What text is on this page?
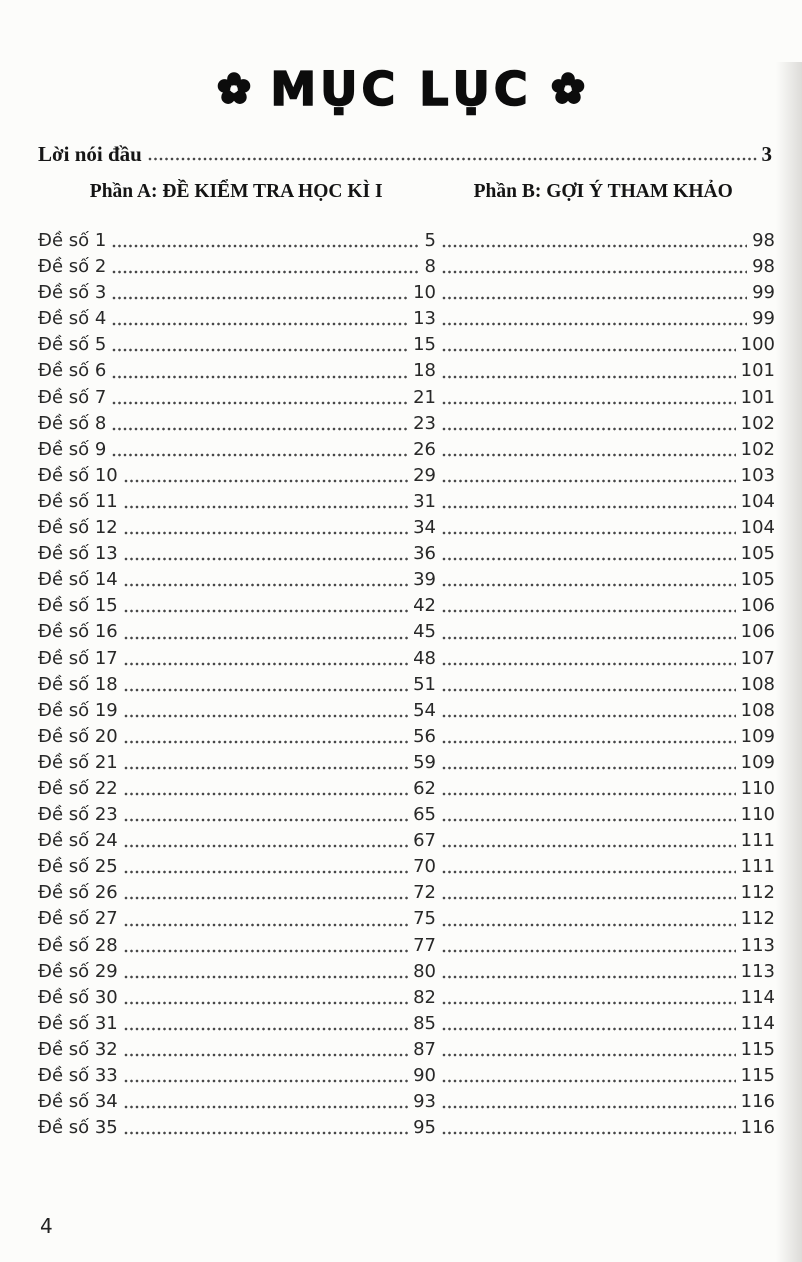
MỤC LỤC
Lời nói đầu	3
Phần A: ĐỀ KIỂM TRA HỌC KÌ I	Phần B: GỢI Ý THAM KHẢO
Đề số 1	5	98
Đề số 2	8	98
Đề số 3	10	99
Đề số 4	13	99
Đề số 5	15	100
Đề số 6	18	101
Đề số 7	21	101
Đề số 8	23	102
Đề số 9	26	102
Đề số 10	29	103
Đề số 11	31	104
Đề số 12	34	104
Đề số 13	36	105
Đề số 14	39	105
Đề số 15	42	106
Đề số 16	45	106
Đề số 17	48	107
Đề số 18	51	108
Đề số 19	54	108
Đề số 20	56	109
Đề số 21	59	109
Đề số 22	62	110
Đề số 23	65	110
Đề số 24	67	111
Đề số 25	70	111
Đề số 26	72	112
Đề số 27	75	112
Đề số 28	77	113
Đề số 29	80	113
Đề số 30	82	114
Đề số 31	85	114
Đề số 32	87	115
Đề số 33	90	115
Đề số 34	93	116
Đề số 35	95	116
4
